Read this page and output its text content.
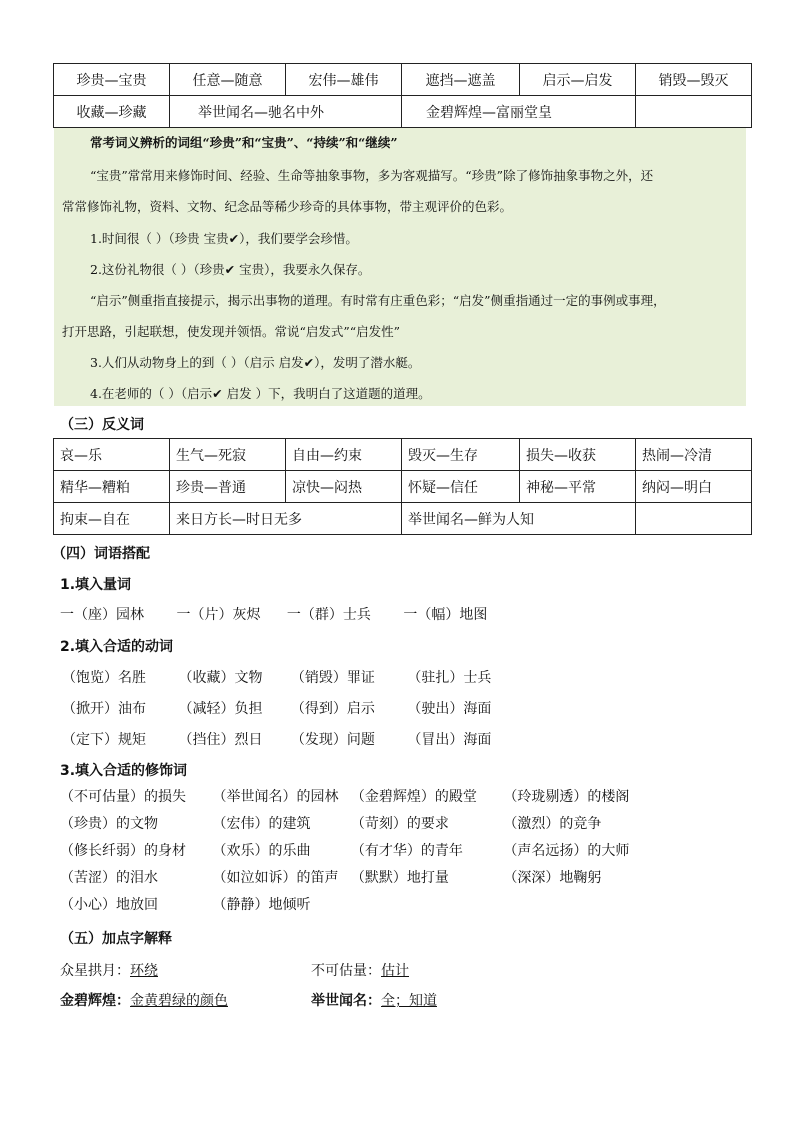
珍贵—宝贵	任意—随意	宏伟—雄伟	遮挡—遮盖	启示—启发	销毁—毁灭
收藏—珍藏	举世闻名—驰名中外		金碧辉煌—富丽堂皇		
常考词义辨析的词组“珍贵”和“宝贵”、“持续”和“继续”
“宝贵”常常用来修饰时间、经验、生命等抽象事物，多为客观描写。“珍贵”除了修饰抽象事物之外，还
常常修饰礼物，资料、文物、纪念品等稀少珍奇的具体事物，带主观评价的色彩。
1.时间很（ ）（珍贵 宝贵✔），我们要学会珍惜。
2.这份礼物很（ ）（珍贵✔ 宝贵），我要永久保存。
“启示”侧重指直接提示，揭示出事物的道理。有时常有庄重色彩；“启发”侧重指通过一定的事例或事理，
打开思路，引起联想，使发现并领悟。常说“启发式”“启发性”
3.人们从动物身上的到（ ）（启示 启发✔），发明了潜水艇。
4.在老师的（ ）（启示✔ 启发 ）下，我明白了这道题的道理。
（三）反义词
哀—乐	生气—死寂	自由—约束	毁灭—生存	损失—收获	热闹—冷清
精华—糟粕	珍贵—普通	凉快—闷热	怀疑—信任	神秘—平常	纳闷—明白
拘束—自在	来日方长—时日无多		举世闻名—鲜为人知		
（四）词语搭配
1.填入量词
一（座）园林 一（片）灰烬 一（群）士兵 一（幅）地图
2.填入合适的动词
（饱览）名胜 （收藏）文物 （销毁）罪证 （驻扎）士兵
（掀开）油布 （减轻）负担 （得到）启示 （驶出）海面
（定下）规矩 （挡住）烈日 （发现）问题 （冒出）海面
3.填入合适的修饰词
（不可估量）的损失 （举世闻名）的园林 （金碧辉煌）的殿堂 （玲珑剔透）的楼阁
（珍贵）的文物	（宏伟）的建筑	（苛刻）的要求	（激烈）的竞争
（修长纤弱）的身材 （欢乐）的乐曲	（有才华）的青年	（声名远扬）的大师
（苦涩）的泪水	（如泣如诉）的笛声 （默默）地打量	（深深）地鞠躬
（小心）地放回	（静静）地倾听
（五）加点字解释
众星拱月：环绕	不可估量：估计
金碧辉煌：金黄碧绿的颜色	举世闻名：全；知道
